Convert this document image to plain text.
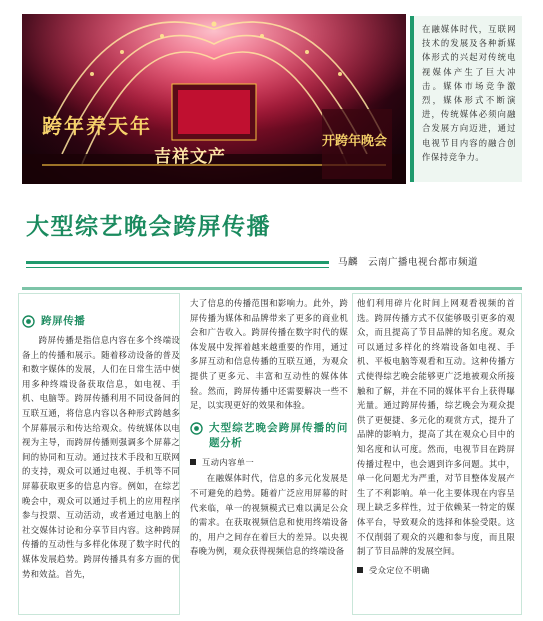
跨年养天年
吉祥文产
开跨年晚会
在融媒体时代，互联网技术的发展及各种新媒体形式的兴起对传统电视媒体产生了巨大冲击。媒体市场竞争激烈，媒体形式不断演进，传统媒体必须向融合发展方向迈进，通过电视节目内容的融合创作保持竞争力。
大型综艺晚会跨屏传播
马麟　云南广播电视台都市频道
跨屏传播

跨屏传播是指信息内容在多个终端设备上的传播和展示。随着移动设备的普及和数字媒体的发展，人们在日常生活中使用多种终端设备获取信息，如电视、手机、电脑等。跨屏传播利用不同设备间的互联互通，将信息内容以各种形式跨越多个屏幕展示和传达给观众。传统媒体以电视为主导，而跨屏传播则强调多个屏幕之间的协同和互动。通过技术手段和互联网的支持，观众可以通过电视、手机等不同屏幕获取更多的信息内容。例如，在综艺晚会中，观众可以通过手机上的应用程序参与投票、互动活动，或者通过电脑上的社交媒体讨论和分享节目内容。这种跨屏传播的互动性与多样化体现了数字时代的媒体发展趋势。跨屏传播具有多方面的优势和效益。首先，

大了信息的传播范围和影响力。此外，跨屏传播为媒体和品牌带来了更多的商业机会和广告收入。跨屏传播在数字时代的媒体发展中发挥着越来越重要的作用，通过多屏互动和信息传播的互联互通，为观众提供了更多元、丰富和互动性的媒体体验。然而，跨屏传播中还需要解决一些不足，以实现更好的效果和体验。

大型综艺晚会跨屏传播的问题分析
互动内容单一

在融媒体时代，信息的多元化发展是不可避免的趋势。随着广泛应用屏幕的时代来临，单一的视频模式已难以满足公众的需求。在获取视频信息和使用终端设备的，用户之间存在着巨大的差异。以央视春晚为例，观众获得视频信息的终端设备

他们利用碎片化时间上网观看视频的首选。跨屏传播方式不仅能够吸引更多的观众，而且提高了节目品牌的知名度。观众可以通过多样化的终端设备如电视、手机、平板电脑等观看和互动。这种传播方式使得综艺晚会能够更广泛地被观众所接触和了解，并在不同的媒体平台上获得曝光量。通过跨屏传播，综艺晚会为观众提供了更便捷、多元化的观赏方式，提升了品牌的影响力，提高了其在观众心目中的知名度和认可度。然而，电视节目在跨屏传播过程中，也会遇到许多问题。其中，单一化问题尤为严重，对节目整体发展产生了不利影响。单一化主要体现在内容呈现上缺乏多样性，过于依赖某一特定的媒体平台，导致观众的选择和体验受限。这不仅削弱了观众的兴趣和参与度，而且限制了节目品牌的发展空间。

受众定位不明确
